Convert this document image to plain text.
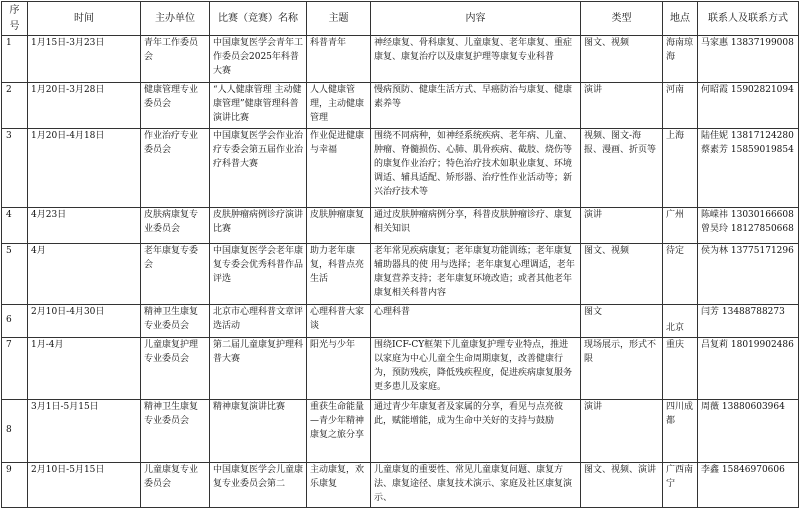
序号	时间	主办单位	比赛（竞赛）名称	主题	内容	类型	地点	联系人及联系方式
1	1月15日-3月23日	青年工作委员会	中国康复医学会青年工作委员会2025年科普大赛	科普青年	神经康复、骨科康复、儿童康复、老年康复、重症康复、康复治疗以及康复护理等康复专业科普	图文、视频	海南琼海	马家惠 13837199008
2	1月20日-3月28日	健康管理专业委员会	“人人健康管理 主动健康管理”健康管理科普演讲比赛	人人健康管理，主动健康管理	慢病预防、健康生活方式、早癌防治与康复、健康素养等	演讲	河南	何昭霞 15902821094
3	1月20日-4月18日	作业治疗专业委员会	中国康复医学会作业治疗专委会第五届作业治疗科普大赛	作业促进健康与幸福	围绕不同病种，如神经系统疾病、老年病、儿童、肿瘤、脊髓损伤、心肺、肌骨疾病、截肢、烧伤等的康复作业治疗；特色治疗技术如职业康复、环境调适、辅具适配、矫形器、治疗性作业活动等；新兴治疗技术等	视频、图文-海报、漫画、折页等	上海	陆佳妮 13817124280 蔡素芳 15859019854
4	4月23日	皮肤病康复专业委员会	皮肤肿瘤病例诊疗演讲比赛	皮肤肿瘤康复	通过皮肤肿瘤病例分享，科普皮肤肿瘤诊疗、康复相关知识	演讲	广州	陈嵘祎 13030166608 曾昊玲 18127850668
5	4月	老年康复专委会	中国康复医学会老年康复专委会优秀科普作品评选	助力老年康复，科普点亮生活	老年常见疾病康复；老年康复功能训练；老年康复辅助器具的使 用与选择；老年康复心理调适，老年康复营养支持；老年康复环境改造；或者其他老年康复相关科普内容	图文、视频	待定	侯为林 13775171296
6	2月10日-4月30日	精神卫生康复专业委员会	北京市心理科普文章评选活动	心理科普大家谈	心理科普	图文	北京	闫芳 13488788273
7	1月-4月	儿童康复护理专业委员会	第二届儿童康复护理科普大赛	阳光与少年	围绕ICF-CY框架下儿童康复护理专业特点，推进以家庭为中心儿童全生命周期康复，改善健康行为，预防残疾，降低残疾程度，促进疾病康复服务更多患儿及家庭。	现场展示，形式不限	重庆	吕复莉 18019902486
8	3月1日-5月15日	精神卫生康复专业委员会	精神康复演讲比赛	重获生命能量—青少年精神康复之旅分享	通过青少年康复者及家属的分享，看见与点亮彼此，赋能增能，成为生命中关好的支持与鼓励	演讲	四川成都	周薇 13880603964
9	2月10日-5月15日	儿童康复专业委员会	中国康复医学会儿童康复专业委员会第二	主动康复，欢乐康复	儿童康复的重要性、常见儿童康复问题、康复方法、康复途径、康复技术演示、家庭及社区康复演示、	图文、视频、演讲	广西南宁	李鑫 15846970606
